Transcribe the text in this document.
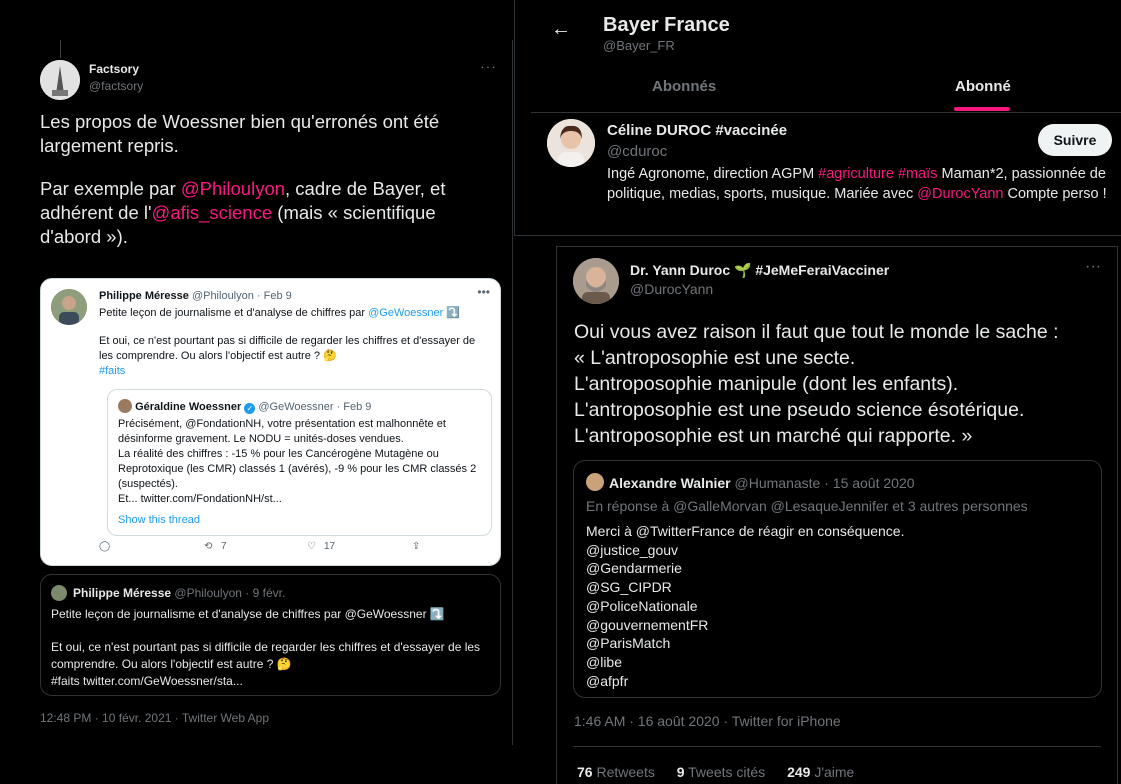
Factsory
@factsory
···

Les propos de Woessner bien qu'erronés ont été largement repris.

Par exemple par @Philoulyon, cadre de Bayer, et adhérent de l'@afis_science (mais « scientifique d'abord »).

Philippe Méresse @Philoulyon · Feb 9	•••
Petite leçon de journalisme et d'analyse de chiffres par @GeWoessner ⤵️
Et oui, ce n'est pourtant pas si difficile de regarder les chiffres et d'essayer de les comprendre. Ou alors l'objectif est autre ? 🤔
#faits
Géraldine Woessner ✓ @GeWoessner · Feb 9
Précisément, @FondationNH, votre présentation est malhonnête et désinforme gravement. Le NODU = unités-doses vendues.
La réalité des chiffres : -15 % pour les Cancérogène Mutagène ou Reprotoxique (les CMR) classés 1 (avérés), -9 % pour les CMR classés 2 (suspectés).
Et... twitter.com/FondationNH/st...
Show this thread
◯	⟲ 7	♡ 17	⇪
Philippe Méresse @Philoulyon · 9 févr.
Petite leçon de journalisme et d'analyse de chiffres par @GeWoessner ⤵️
Et oui, ce n'est pourtant pas si difficile de regarder les chiffres et d'essayer de les comprendre. Ou alors l'objectif est autre ? 🤔
#faits twitter.com/GeWoessner/sta...
12:48 PM · 10 févr. 2021 · Twitter Web App
← Bayer France
@Bayer_FR
Abonnés	Abonné
Céline DUROC #vaccinée
@cduroc
Ingé Agronome, direction AGPM #agriculture #maïs Maman*2, passionnée de politique, medias, sports, musique. Mariée avec @DurocYann Compte perso !
Suivre
Dr. Yann Duroc 🌱 #JeMeFeraiVacciner
@DurocYann
···
Oui vous avez raison il faut que tout le monde le sache :
« L'antroposophie est une secte.
L'antroposophie manipule (dont les enfants).
L'antroposophie est une pseudo science ésotérique.
L'antroposophie est un marché qui rapporte. »
Alexandre Walnier @Humanaste · 15 août 2020
En réponse à @GalleMorvan @LesaqueJennifer et 3 autres personnes
Merci à @TwitterFrance de réagir en conséquence.
@justice_gouv
@Gendarmerie
@SG_CIPDR
@PoliceNationale
@gouvernementFR
@ParisMatch
@libe
@afpfr
1:46 AM · 16 août 2020 · Twitter for iPhone
76 Retweets 9 Tweets cités 249 J'aime
